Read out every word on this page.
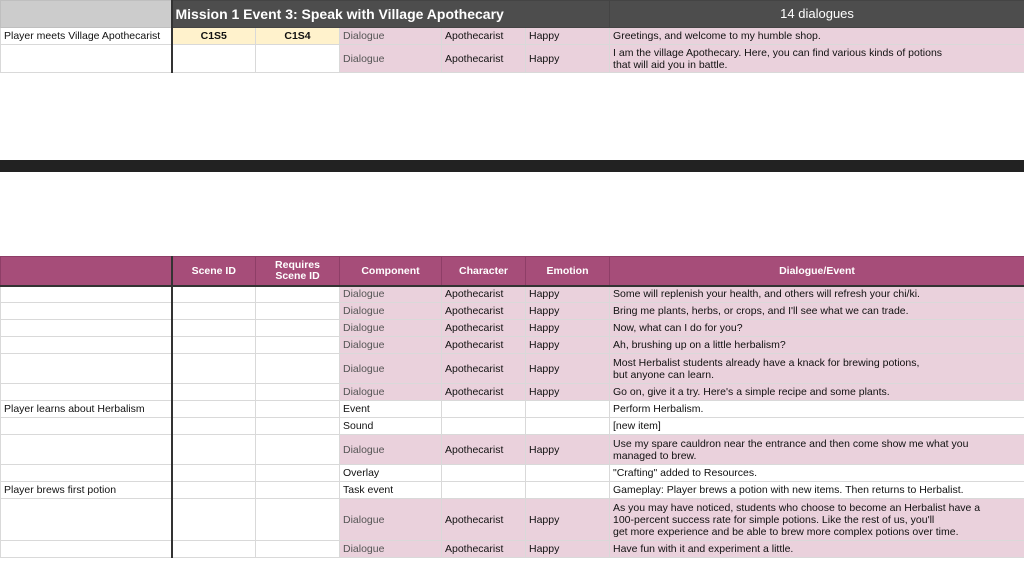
	Mission 1 Event 3: Speak with Village Apothecary					14 dialogues
Player meets Village Apothecarist	C1S5	C1S4	Dialogue	Apothecarist	Happy	Greetings, and welcome to my humble shop.
			Dialogue	Apothecarist	Happy	I am the village Apothecary. Here, you can find various kinds of potions
that will aid you in battle.
	Scene ID	Requires Scene ID	Component	Character	Emotion	Dialogue/Event
			Dialogue	Apothecarist	Happy	Some will replenish your health, and others will refresh your chi/ki.
			Dialogue	Apothecarist	Happy	Bring me plants, herbs, or crops, and I'll see what we can trade.
			Dialogue	Apothecarist	Happy	Now, what can I do for you?
			Dialogue	Apothecarist	Happy	Ah, brushing up on a little herbalism?
			Dialogue	Apothecarist	Happy	Most Herbalist students already have a knack for brewing potions,
but anyone can learn.
			Dialogue	Apothecarist	Happy	Go on, give it a try. Here's a simple recipe and some plants.
Player learns about Herbalism			Event			Perform Herbalism.
			Sound			[new item]
			Dialogue	Apothecarist	Happy	Use my spare cauldron near the entrance and then come show me what you
managed to brew.
			Overlay			"Crafting" added to Resources.
Player brews first potion			Task event			Gameplay: Player brews a potion with new items. Then returns to Herbalist.
			Dialogue	Apothecarist	Happy	As you may have noticed, students who choose to become an Herbalist have a
100-percent success rate for simple potions. Like the rest of us, you'll
get more experience and be able to brew more complex potions over time.
			Dialogue	Apothecarist	Happy	Have fun with it and experiment a little.
